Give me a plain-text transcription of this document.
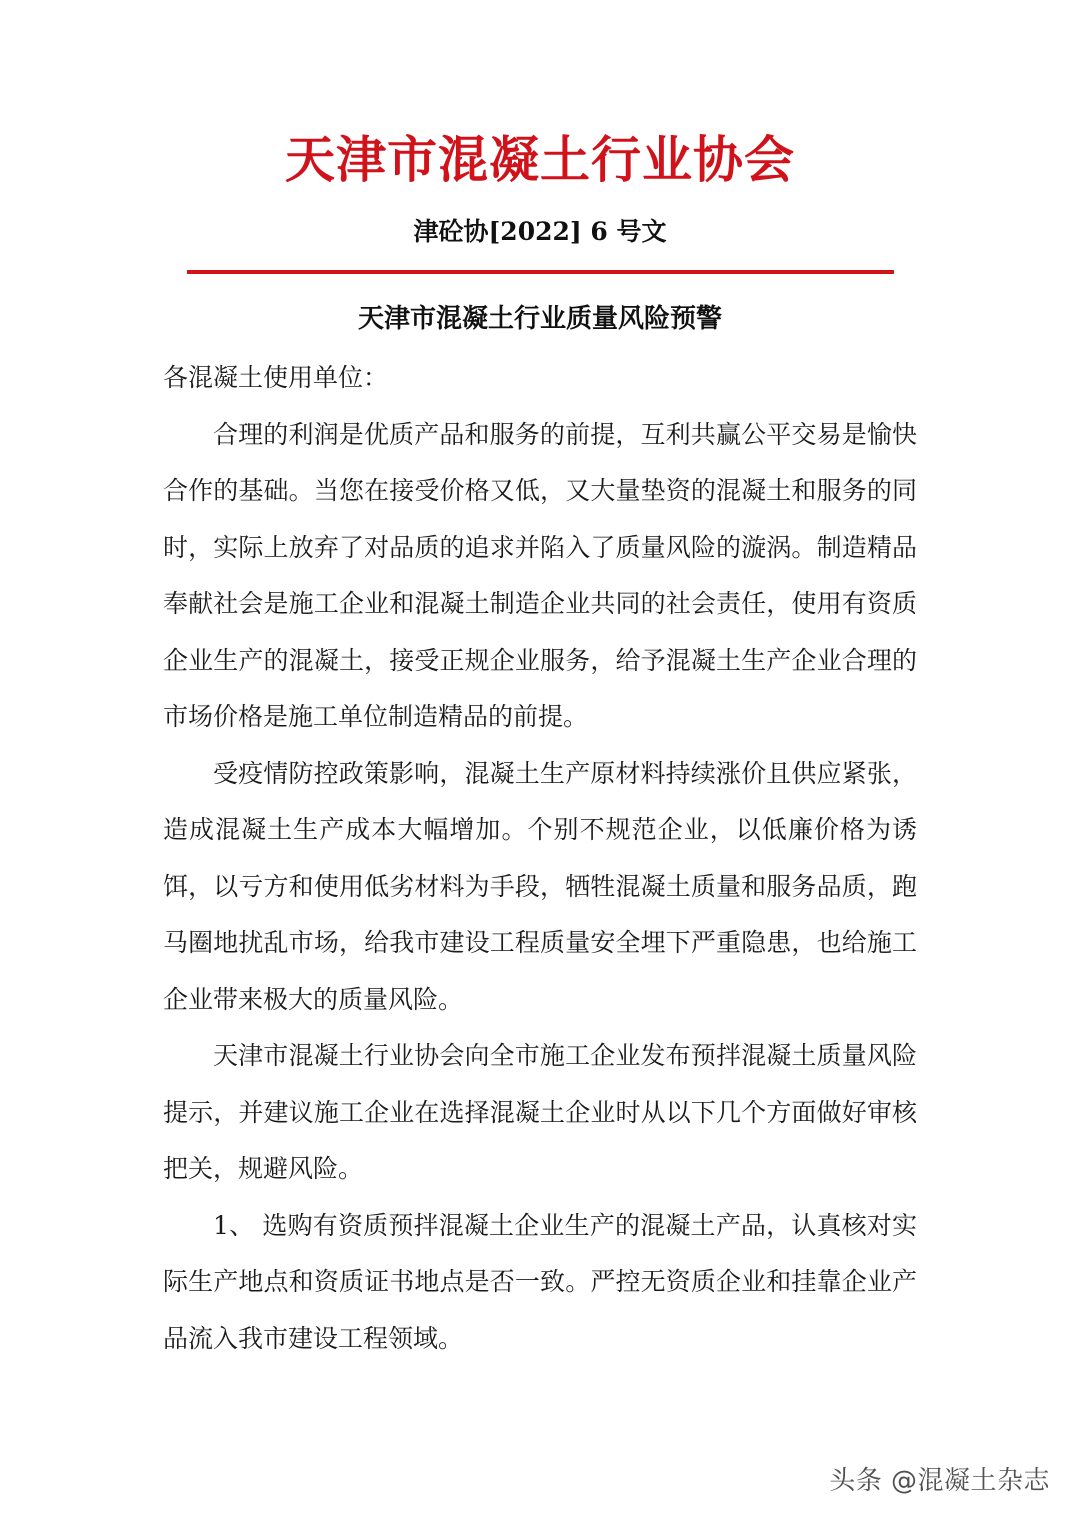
天津市混凝土行业协会
津砼协[2022] 6 号文
天津市混凝土行业质量风险预警

各混凝土使用单位：

合理的利润是优质产品和服务的前提，互利共赢公平交易是愉快合作的基础。当您在接受价格又低，又大量垫资的混凝土和服务的同时，实际上放弃了对品质的追求并陷入了质量风险的漩涡。制造精品奉献社会是施工企业和混凝土制造企业共同的社会责任，使用有资质企业生产的混凝土，接受正规企业服务，给予混凝土生产企业合理的市场价格是施工单位制造精品的前提。

受疫情防控政策影响，混凝土生产原材料持续涨价且供应紧张，造成混凝土生产成本大幅增加。个别不规范企业，以低廉价格为诱饵，以亏方和使用低劣材料为手段，牺牲混凝土质量和服务品质，跑马圈地扰乱市场，给我市建设工程质量安全埋下严重隐患，也给施工企业带来极大的质量风险。

天津市混凝土行业协会向全市施工企业发布预拌混凝土质量风险提示，并建议施工企业在选择混凝土企业时从以下几个方面做好审核把关，规避风险。

1、 选购有资质预拌混凝土企业生产的混凝土产品，认真核对实际生产地点和资质证书地点是否一致。严控无资质企业和挂靠企业产品流入我市建设工程领域。

头条 @混凝土杂志
